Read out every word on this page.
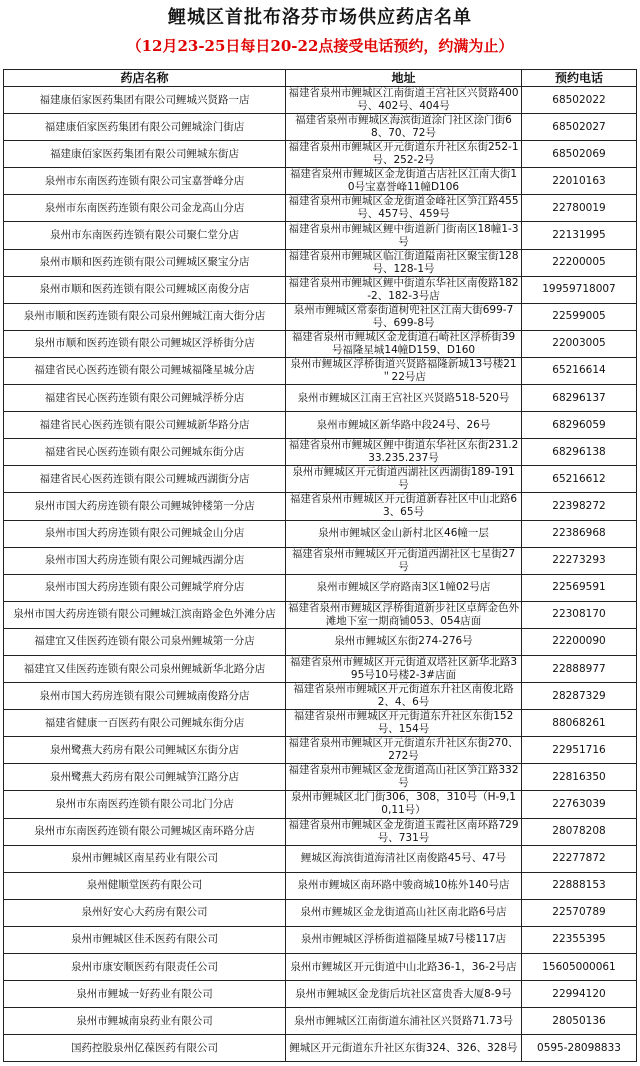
鲤城区首批布洛芬市场供应药店名单
（12月23-25日每日20-22点接受电话预约，约满为止）
药店名称	地址	预约电话
福建康佰家医药集团有限公司鲤城兴贤路一店	福建省泉州市鲤城区江南街道王宫社区兴贤路400号、402号、404号	68502022
福建康佰家医药集团有限公司鲤城涂门街店	福建省泉州市鲤城区海滨街道涂门社区涂门街68、70、72号	68502027
福建康佰家医药集团有限公司鲤城东街店	福建省泉州市鲤城区开元街道东升社区东街252-1号、252-2号	68502069
泉州市东南医药连锁有限公司宝嘉誉峰分店	福建省泉州市鲤城区金龙街道古店社区江南大街10号宝嘉誉峰11幢D106	22010163
泉州市东南医药连锁有限公司金龙高山分店	福建省泉州市鲤城区金龙街道金峰社区笋江路455号、457号、459号	22780019
泉州市东南医药连锁有限公司聚仁堂分店	福建省泉州市鲤城区鲤中街道新门街南区18幢1-3号	22131995
泉州市顺和医药连锁有限公司鲤城区聚宝分店	福建省泉州市鲤城区临江街道隘南社区聚宝街128号、128-1号	22200005
泉州市顺和医药连锁有限公司鲤城区南俊分店	福建省泉州市鲤城区鲤中街道东华社区南俊路182-2、182-3号店	19959718007
泉州市顺和医药连锁有限公司泉州鲤城江南大街分店	泉州市鲤城区常泰街道树兜社区江南大街699-7号、699-8号	22599005
泉州市顺和医药连锁有限公司鲤城区浮桥街分店	福建省泉州市鲤城区金龙街道石崎社区浮桥街39号福隆星城14幢D159、D160	22003005
福建省民心医药连锁有限公司鲤城福隆星城分店	泉州市鲤城区浮桥街道兴贤路福隆新城13号楼21＂22号店	65216614
福建省民心医药连锁有限公司鲤城浮桥分店	泉州市鲤城区江南王宫社区兴贤路518-520号	68296137
福建省民心医药连锁有限公司鲤城新华路分店	泉州市鲤城区新华路中段24号、26号	68296059
福建省民心医药连锁有限公司鲤城东街分店	福建省泉州市鲤城区鲤中街道东华社区东街231.233.235.237号	68296138
福建省民心医药连锁有限公司鲤城西湖街分店	泉州市鲤城区开元街道西湖社区西湖街189-191号	65216612
泉州市国大药房连锁有限公司鲤城钟楼第一分店	福建省泉州市鲤城区开元街道新春社区中山北路63、65号	22398272
泉州市国大药房连锁有限公司鲤城金山分店	泉州市鲤城区金山新村北区46幢一层	22386968
泉州市国大药房连锁有限公司鲤城西湖分店	福建省泉州市鲤城区开元街道西湖社区七星街27号	22273293
泉州市国大药房连锁有限公司鲤城学府分店	泉州市鲤城区学府路南3区1幢02号店	22569591
泉州市国大药房连锁有限公司鲤城江滨南路金色外滩分店	福建省泉州市鲤城区浮桥街道新步社区卓辉金色外滩地下室一期商铺053、054店面	22308170
福建宜又佳医药连锁有限公司泉州鲤城第一分店	泉州市鲤城区东街274-276号	22200090
福建宜又佳医药连锁有限公司泉州鲤城新华北路分店	福建省泉州市鲤城区开元街道双塔社区新华北路395号10号楼2-3#店面	22888977
泉州市国大药房连锁有限公司鲤城南俊路分店	福建省泉州市鲤城区开元街道东升社区南俊北路2、4、6号	28287329
福建省健康一百医药有限公司鲤城东街分店	福建省泉州市鲤城区开元街道东升社区东街152号、154号	88068261
泉州鹭燕大药房有限公司鲤城区东街分店	福建省泉州市鲤城区开元街道东升社区东街270、272号	22951716
泉州鹭燕大药房有限公司鲤城笋江路分店	福建省泉州市鲤城区金龙街道高山社区笋江路332号	22816350
泉州市东南医药连锁有限公司北门分店	泉州市鲤城区北门街306，308，310号（H-9,10,11号）	22763039
泉州市东南医药连锁有限公司鲤城区南环路分店	福建省泉州市鲤城区金龙街道玉霞社区南环路729号、731号	28078208
泉州市鲤城区南星药业有限公司	鲤城区海滨街道海清社区南俊路45号、47号	22277872
泉州健顺堂医药有限公司	泉州市鲤城区南环路中骏商城10栋外140号店	22888153
泉州好安心大药房有限公司	泉州市鲤城区金龙街道高山社区南北路6号店	22570789
泉州市鲤城区佳禾医药有限公司	泉州市鲤城区浮桥街道福隆星城7号楼117店	22355395
泉州市康安顺医药有限责任公司	泉州市鲤城区开元街道中山北路36-1，36-2号店	15605000061
泉州市鲤城一好药业有限公司	泉州市鲤城区金龙街后坑社区富贵香大厦8-9号	22994120
泉州市鲤城南泉药业有限公司	泉州市鲤城区江南街道东浦社区兴贤路71.73号	28050136
国药控股泉州亿葆医药有限公司	鲤城区开元街道东升社区东街324、326、328号	0595-28098833
